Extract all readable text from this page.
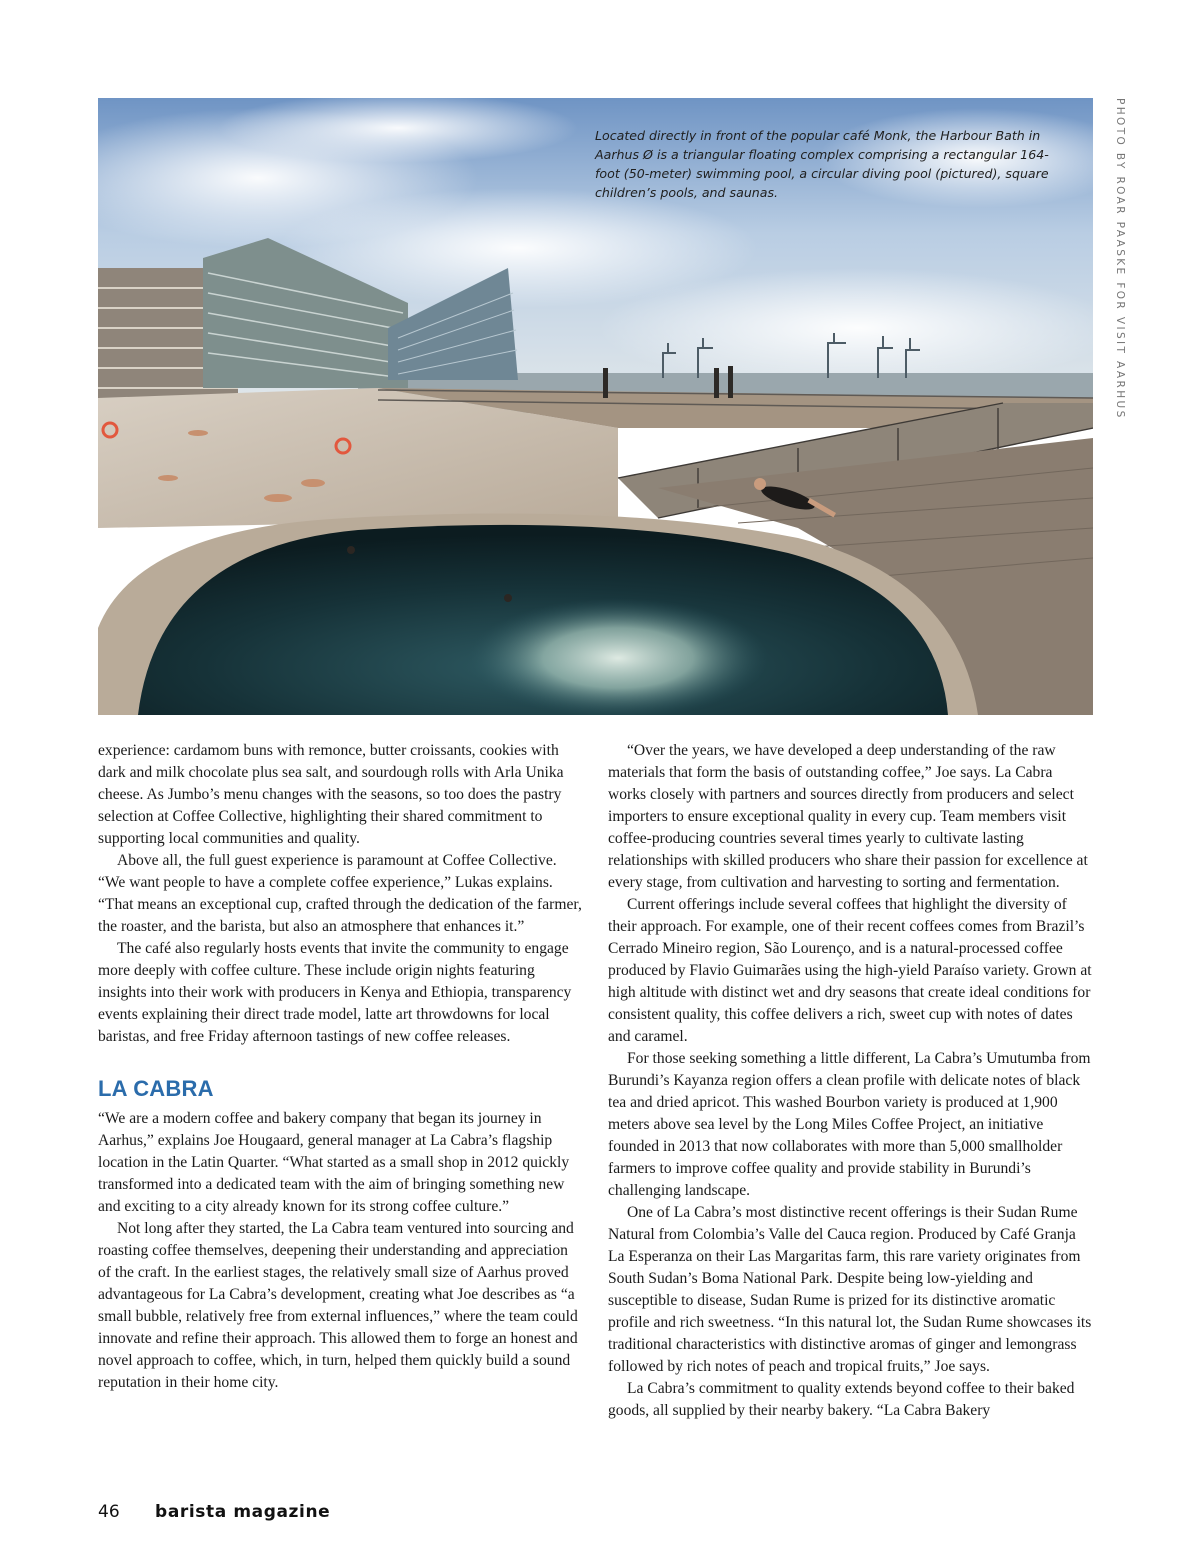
Located directly in front of the popular café Monk, the Harbour Bath in Aarhus Ø is a triangular floating complex comprising a rectangular 164-foot (50-meter) swimming pool, a circular diving pool (pictured), square children’s pools, and saunas.	PHOTO BY ROAR PAASKE FOR VISIT AARHUS

experience: cardamom buns with remonce, butter croissants, cookies with dark and milk chocolate plus sea salt, and sourdough rolls with Arla Unika cheese. As Jumbo’s menu changes with the seasons, so too does the pastry selection at Coffee Collective, highlighting their shared commitment to supporting local communities and quality.

Above all, the full guest experience is paramount at Coffee Collective. “We want people to have a complete coffee experience,” Lukas explains. “That means an exceptional cup, crafted through the dedication of the farmer, the roaster, and the barista, but also an atmosphere that enhances it.”

The café also regularly hosts events that invite the community to engage more deeply with coffee culture. These include origin nights featuring insights into their work with producers in Kenya and Ethiopia, transparency events explaining their direct trade model, latte art throwdowns for local baristas, and free Friday afternoon tastings of new coffee releases.

LA CABRA

“We are a modern coffee and bakery company that began its journey in Aarhus,” explains Joe Hougaard, general manager at La Cabra’s flagship location in the Latin Quarter. “What started as a small shop in 2012 quickly transformed into a dedicated team with the aim of bringing something new and exciting to a city already known for its strong coffee culture.”

Not long after they started, the La Cabra team ventured into sourcing and roasting coffee themselves, deepening their understanding and appreciation of the craft. In the earliest stages, the relatively small size of Aarhus proved advantageous for La Cabra’s development, creating what Joe describes as “a small bubble, relatively free from external influences,” where the team could innovate and refine their approach. This allowed them to forge an honest and novel approach to coffee, which, in turn, helped them quickly build a sound reputation in their home city.

“Over the years, we have developed a deep understanding of the raw materials that form the basis of outstanding coffee,” Joe says. La Cabra works closely with partners and sources directly from producers and select importers to ensure exceptional quality in every cup. Team members visit coffee-producing countries several times yearly to cultivate lasting relationships with skilled producers who share their passion for excellence at every stage, from cultivation and harvesting to sorting and fermentation.

Current offerings include several coffees that highlight the diversity of their approach. For example, one of their recent coffees comes from Brazil’s Cerrado Mineiro region, São Lourenço, and is a natural-processed coffee produced by Flavio Guimarães using the high-yield Paraíso variety. Grown at high altitude with distinct wet and dry seasons that create ideal conditions for consistent quality, this coffee delivers a rich, sweet cup with notes of dates and caramel.

For those seeking something a little different, La Cabra’s Umutumba from Burundi’s Kayanza region offers a clean profile with delicate notes of black tea and dried apricot. This washed Bourbon variety is produced at 1,900 meters above sea level by the Long Miles Coffee Project, an initiative founded in 2013 that now collaborates with more than 5,000 smallholder farmers to improve coffee quality and provide stability in Burundi’s challenging landscape.

One of La Cabra’s most distinctive recent offerings is their Sudan Rume Natural from Colombia’s Valle del Cauca region. Produced by Café Granja La Esperanza on their Las Margaritas farm, this rare variety originates from South Sudan’s Boma National Park. Despite being low-yielding and susceptible to disease, Sudan Rume is prized for its distinctive aromatic profile and rich sweetness. “In this natural lot, the Sudan Rume showcases its traditional characteristics with distinctive aromas of ginger and lemongrass followed by rich notes of peach and tropical fruits,” Joe says.

La Cabra’s commitment to quality extends beyond coffee to their baked goods, all supplied by their nearby bakery. “La Cabra Bakery

46 barista magazine
